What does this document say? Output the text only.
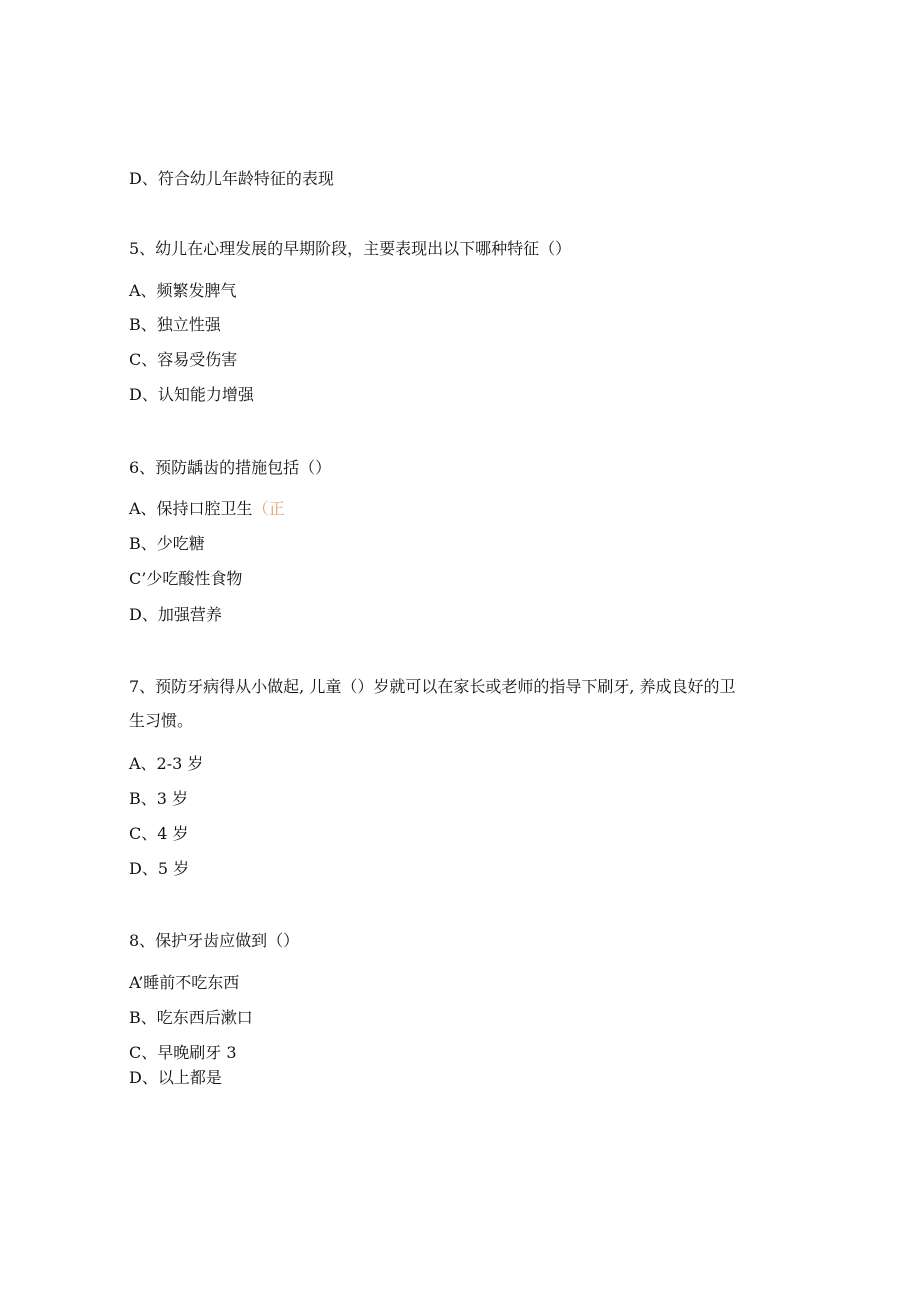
D、符合幼儿年龄特征的表现
5、幼儿在心理发展的早期阶段，主要表现出以下哪种特征（）
A、频繁发脾气
B、独立性强
C、容易受伤害
D、认知能力增强
6、预防龋齿的措施包括（）
A、保持口腔卫生（正
B、少吃糖
C’少吃酸性食物
D、加强营养
7、预防牙病得从小做起, 儿童（）岁就可以在家长或老师的指导下刷牙, 养成良好的卫
生习惯。
A、2-3 岁
B、3 岁
C、4 岁
D、5 岁
8、保护牙齿应做到（）
A’睡前不吃东西
B、吃东西后漱口
C、早晚刷牙 3
D、以上都是
